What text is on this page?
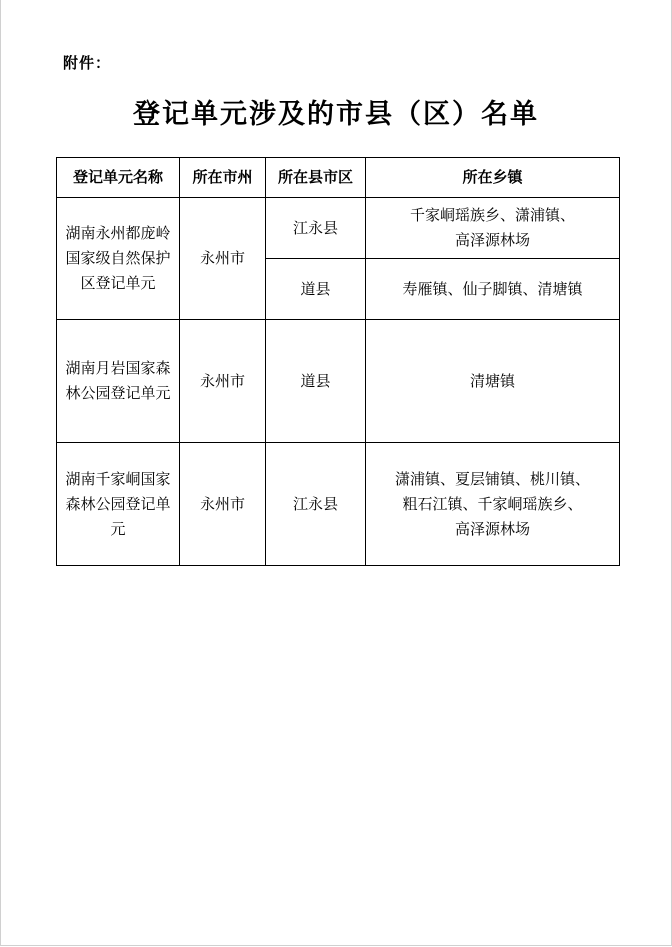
附件：
登记单元涉及的市县（区）名单
登记单元名称	所在市州	所在县市区	所在乡镇
湖南永州都庞岭国家级自然保护区登记单元	永州市	江永县	千家峒瑶族乡、潇浦镇、
高泽源林场
		道县	寿雁镇、仙子脚镇、清塘镇
湖南月岩国家森林公园登记单元	永州市	道县	清塘镇
湖南千家峒国家森林公园登记单元	永州市	江永县	潇浦镇、夏层铺镇、桃川镇、
粗石江镇、千家峒瑶族乡、
高泽源林场
